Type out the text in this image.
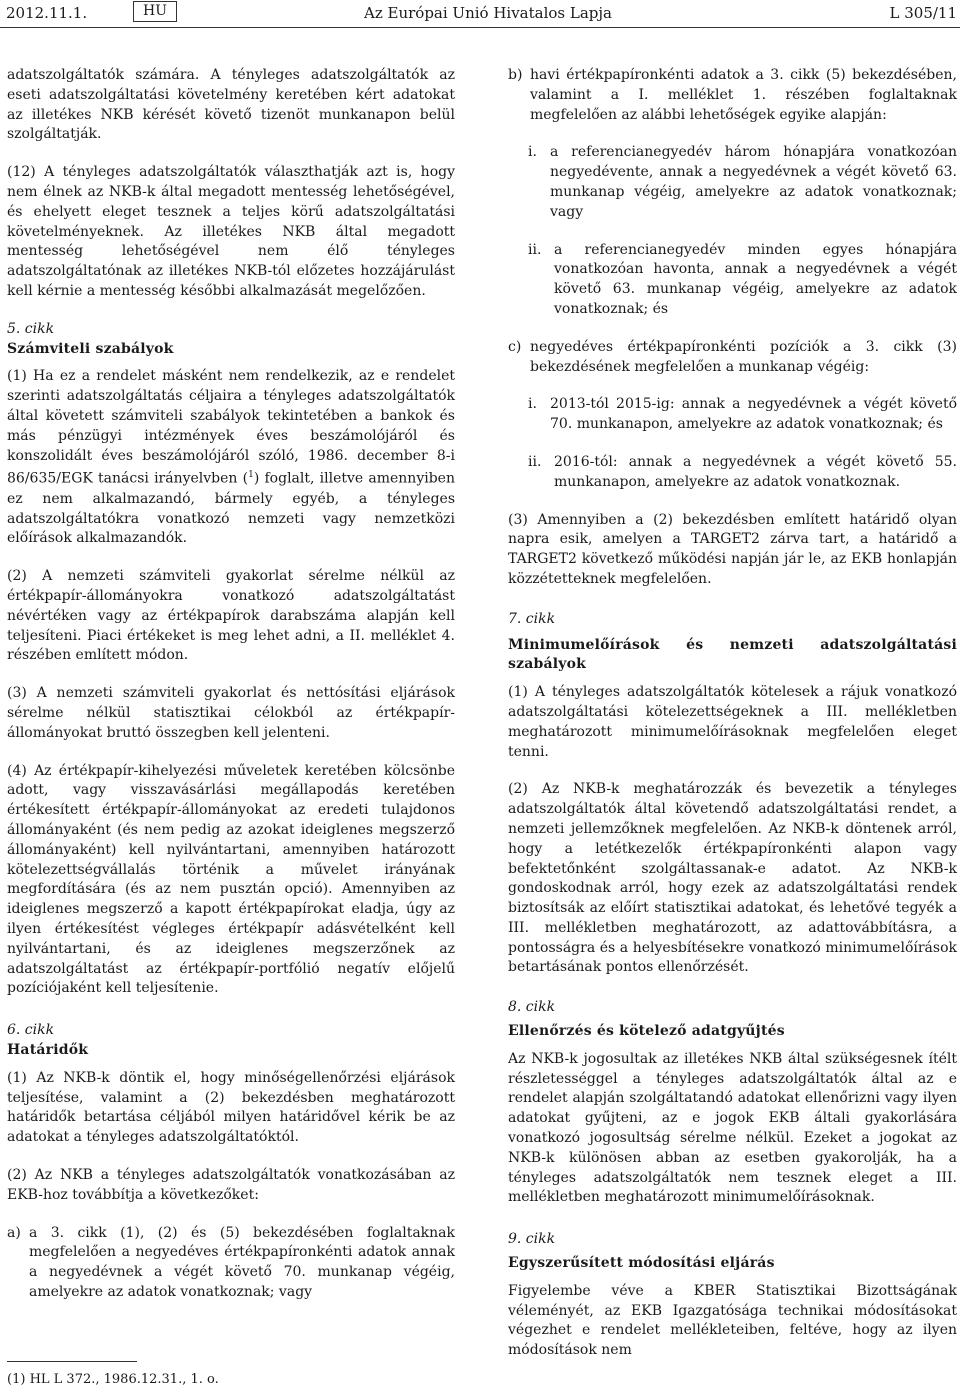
2012.11.1.	HU	Az Európai Unió Hivatalos Lapja	L 305/11

adatszolgáltatók számára. A tényleges adatszolgáltatók az eseti adatszolgáltatási követelmény keretében kért adatokat az illetékes NKB kérését követő tizenöt munkanapon belül szolgáltatják.

(12) A tényleges adatszolgáltatók választhatják azt is, hogy nem élnek az NKB-k által megadott mentesség lehetőségével, és ehelyett eleget tesznek a teljes körű adatszolgáltatási követelményeknek. Az illetékes NKB által megadott mentesség lehetőségével nem élő tényleges adatszolgáltatónak az illetékes NKB-tól előzetes hozzájárulást kell kérnie a mentesség későbbi alkalmazását megelőzően.

5. cikk

Számviteli szabályok

(1) Ha ez a rendelet másként nem rendelkezik, az e rendelet szerinti adatszolgáltatás céljaira a tényleges adatszolgáltatók által követett számviteli szabályok tekintetében a bankok és más pénzügyi intézmények éves beszámolójáról és konszolidált éves beszámolójáról szóló, 1986. december 8-i 86/635/EGK tanácsi irányelvben ($^1$) foglalt, illetve amennyiben ez nem alkalmazandó, bármely egyéb, a tényleges adatszolgáltatókra vonatkozó nemzeti vagy nemzetközi előírások alkalmazandók.

(2) A nemzeti számviteli gyakorlat sérelme nélkül az értékpapír-állományokra vonatkozó adatszolgáltatást névértéken vagy az értékpapírok darabszáma alapján kell teljesíteni. Piaci értékeket is meg lehet adni, a II. melléklet 4. részében említett módon.

(3) A nemzeti számviteli gyakorlat és nettósítási eljárások sérelme nélkül statisztikai célokból az értékpapír-állományokat bruttó összegben kell jelenteni.

(4) Az értékpapír-kihelyezési műveletek keretében kölcsönbe adott, vagy visszavásárlási megállapodás keretében értékesített értékpapír-állományokat az eredeti tulajdonos állományaként (és nem pedig az azokat ideiglenes megszerző állományaként) kell nyilvántartani, amennyiben határozott kötelezettségvállalás történik a művelet irányának megfordítására (és az nem pusztán opció). Amennyiben az ideiglenes megszerző a kapott értékpapírokat eladja, úgy az ilyen értékesítést végleges értékpapír adásvételként kell nyilvántartani, és az ideiglenes megszerzőnek az adatszolgáltatást az értékpapír-portfólió negatív előjelű pozíciójaként kell teljesítenie.

6. cikk

Határidők

(1) Az NKB-k döntik el, hogy minőségellenőrzési eljárások teljesítése, valamint a (2) bekezdésben meghatározott határidők betartása céljából milyen határidővel kérik be az adatokat a tényleges adatszolgáltatóktól.

(2) Az NKB a tényleges adatszolgáltatók vonatkozásában az EKB-hoz továbbítja a következőket:

a) a 3. cikk (1), (2) és (5) bekezdésében foglaltaknak megfelelően a negyedéves értékpapíronkénti adatok annak a negyedévnek a végét követő 70. munkanap végéig, amelyekre az adatok vonatkoznak; vagy

b) havi értékpapíronkénti adatok a 3. cikk (5) bekezdésében, valamint a I. melléklet 1. részében foglaltaknak megfelelően az alábbi lehetőségek egyike alapján:

i. a referencianegyedév három hónapjára vonatkozóan negyedévente, annak a negyedévnek a végét követő 63. munkanap végéig, amelyekre az adatok vonatkoznak; vagy

ii. a referencianegyedév minden egyes hónapjára vonatkozóan havonta, annak a negyedévnek a végét követő 63. munkanap végéig, amelyekre az adatok vonatkoznak; és

c) negyedéves értékpapíronkénti pozíciók a 3. cikk (3) bekezdésének megfelelően a munkanap végéig:

i. 2013-tól 2015-ig: annak a negyedévnek a végét követő 70. munkanapon, amelyekre az adatok vonatkoznak; és

ii. 2016-tól: annak a negyedévnek a végét követő 55. munkanapon, amelyekre az adatok vonatkoznak.

(3) Amennyiben a (2) bekezdésben említett határidő olyan napra esik, amelyen a TARGET2 zárva tart, a határidő a TARGET2 következő működési napján jár le, az EKB honlapján közzétetteknek megfelelően.

7. cikk

Minimumelőírások és nemzeti adatszolgáltatási szabályok

(1) A tényleges adatszolgáltatók kötelesek a rájuk vonatkozó adatszolgáltatási kötelezettségeknek a III. mellékletben meghatározott minimumelőírásoknak megfelelően eleget tenni.

(2) Az NKB-k meghatározzák és bevezetik a tényleges adatszolgáltatók által követendő adatszolgáltatási rendet, a nemzeti jellemzőknek megfelelően. Az NKB-k döntenek arról, hogy a letétkezelők értékpapíronkénti alapon vagy befektetőnként szolgáltassanak-e adatot. Az NKB-k gondoskodnak arról, hogy ezek az adatszolgáltatási rendek biztosítsák az előírt statisztikai adatokat, és lehetővé tegyék a III. mellékletben meghatározott, az adattovábbításra, a pontosságra és a helyesbítésekre vonatkozó minimumelőírások betartásának pontos ellenőrzését.

8. cikk

Ellenőrzés és kötelező adatgyűjtés

Az NKB-k jogosultak az illetékes NKB által szükségesnek ítélt részletességgel a tényleges adatszolgáltatók által az e rendelet alapján szolgáltatandó adatokat ellenőrizni vagy ilyen adatokat gyűjteni, az e jogok EKB általi gyakorlására vonatkozó jogosultság sérelme nélkül. Ezeket a jogokat az NKB-k különösen abban az esetben gyakorolják, ha a tényleges adatszolgáltatók nem tesznek eleget a III. mellékletben meghatározott minimumelőírásoknak.

9. cikk

Egyszerűsített módosítási eljárás

Figyelembe véve a KBER Statisztikai Bizottságának véleményét, az EKB Igazgatósága technikai módosításokat végezhet e rendelet mellékleteiben, feltéve, hogy az ilyen módosítások nem

(1) HL L 372., 1986.12.31., 1. o.
